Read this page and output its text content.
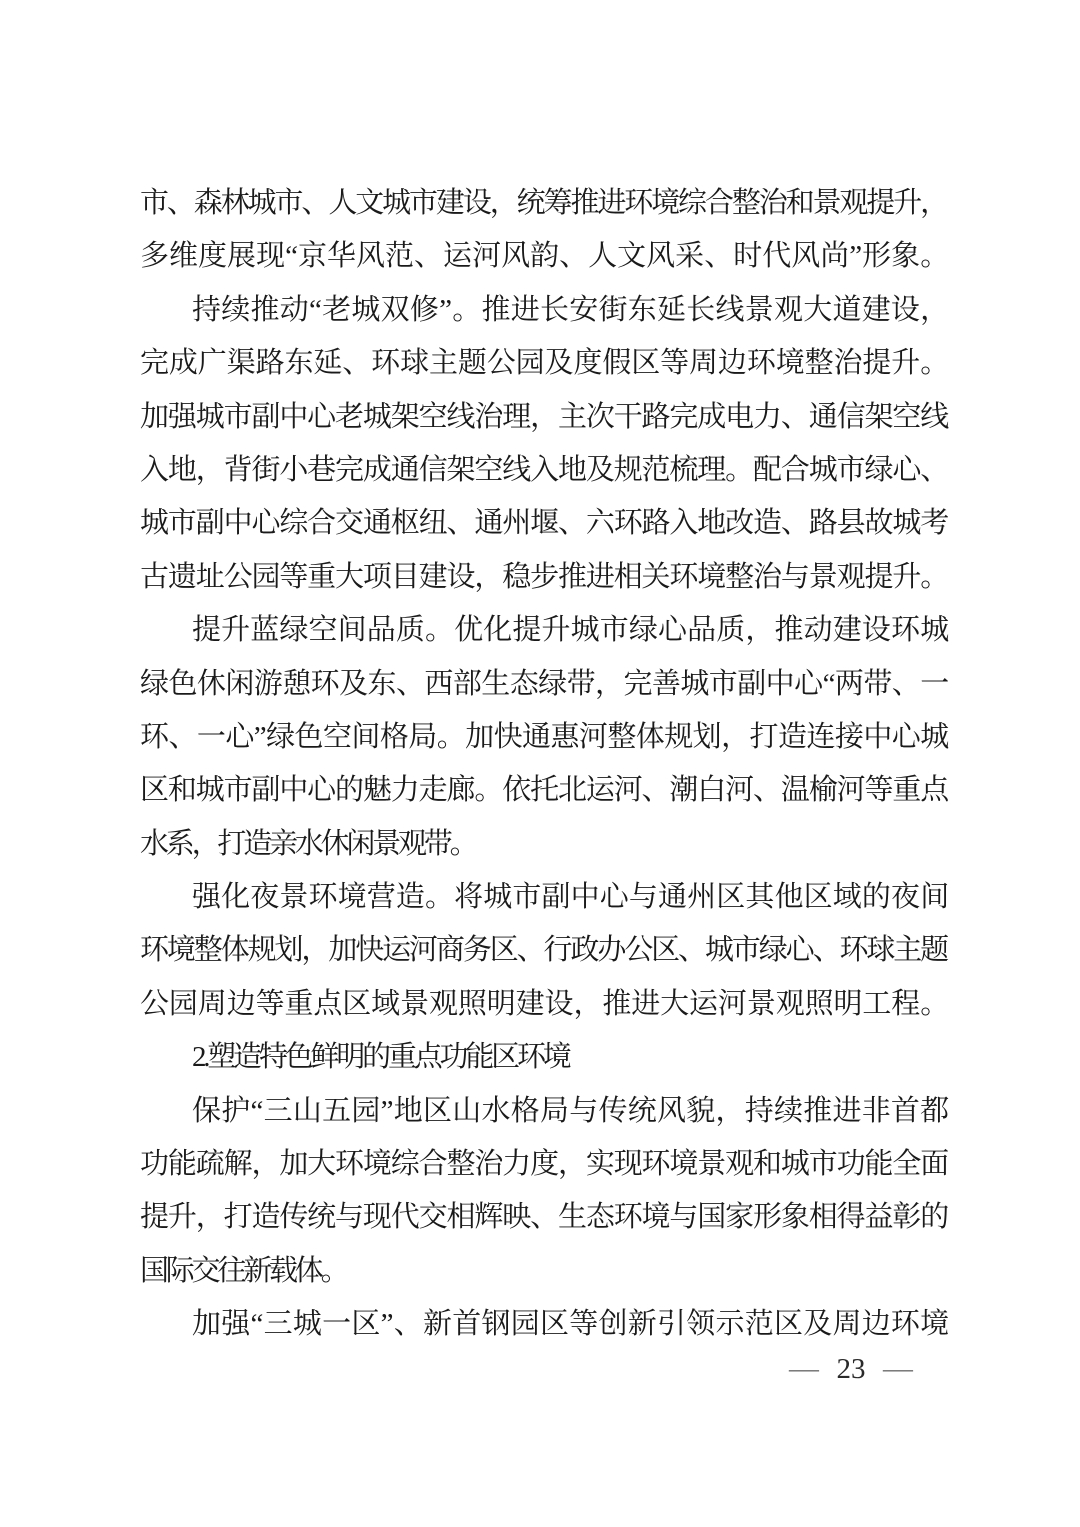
市、森林城市、人文城市建设，统筹推进环境综合整治和景观提升，
多维度展现“京华风范、运河风韵、人文风采、时代风尚”形象。
持续推动“老城双修”。推进长安街东延长线景观大道建设，
完成广渠路东延、环球主题公园及度假区等周边环境整治提升。
加强城市副中心老城架空线治理，主次干路完成电力、通信架空线
入地，背街小巷完成通信架空线入地及规范梳理。配合城市绿心、
城市副中心综合交通枢纽、通州堰、六环路入地改造、路县故城考
古遗址公园等重大项目建设，稳步推进相关环境整治与景观提升。
提升蓝绿空间品质。优化提升城市绿心品质，推动建设环城
绿色休闲游憩环及东、西部生态绿带，完善城市副中心“两带、一
环、一心”绿色空间格局。加快通惠河整体规划，打造连接中心城
区和城市副中心的魅力走廊。依托北运河、潮白河、温榆河等重点
水系，打造亲水休闲景观带。
强化夜景环境营造。将城市副中心与通州区其他区域的夜间
环境整体规划，加快运河商务区、行政办公区、城市绿心、环球主题
公园周边等重点区域景观照明建设，推进大运河景观照明工程。
2.塑造特色鲜明的重点功能区环境
保护“三山五园”地区山水格局与传统风貌，持续推进非首都
功能疏解，加大环境综合整治力度，实现环境景观和城市功能全面
提升，打造传统与现代交相辉映、生态环境与国家形象相得益彰的
国际交往新载体。
加强“三城一区”、新首钢园区等创新引领示范区及周边环境
— 23 —
